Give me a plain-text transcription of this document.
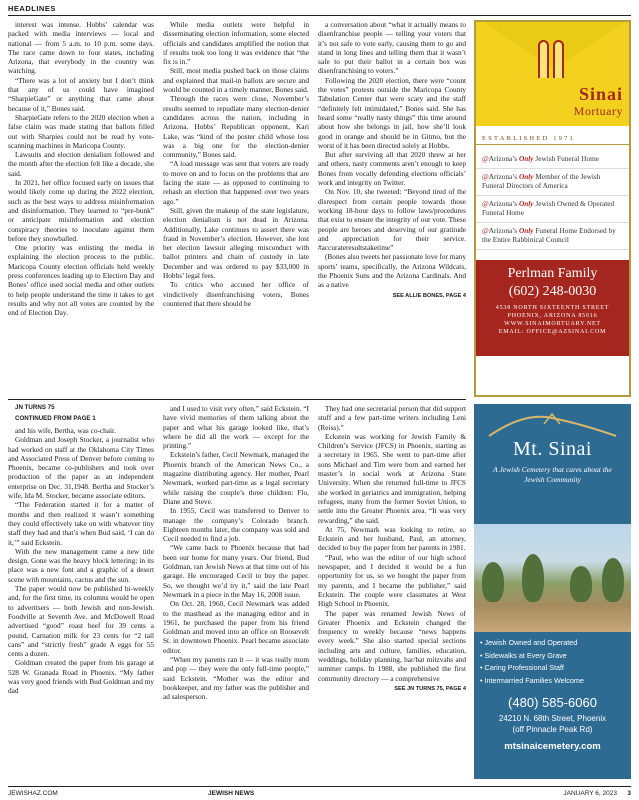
HEADLINES

interest was intense. Hobbs’ calendar was packed with media interviews — local and national — from 5 a.m. to 10 p.m. some days. The race came down to four states, including Arizona, that everybody in the country was watching.

“There was a lot of anxiety but I don’t think that any of us could have imagined “SharpieGate” or anything that came about because of it,” Bones said.

SharpieGate refers to the 2020 election when a false claim was made stating that ballots filled out with Sharpies could not be read by vote-scanning machines in Maricopa County.

Lawsuits and election denialism followed and the month after the election felt like a decade, she said.

In 2021, her office focused early on issues that would likely come up during the 2022 election, such as the best ways to address misinformation and disinformation. They learned to “pre-bunk” or anticipate misinformation and election conspiracy theories to inoculate against them before they snowballed.

One priority was enlisting the media in explaining the election process to the public. Maricopa County election officials held weekly press conferences leading up to Election Day and Bones’ office used social media and other outlets to help people understand the time it takes to get results and why not all votes are counted by the end of Election Day.

While media outlets were helpful in disseminating election information, some elected officials and candidates amplified the notion that if results took too long it was evidence that “the fix is in.”

Still, most media pushed back on those claims and explained that mail-in ballots are secure and would be counted in a timely manner, Bones said.

Through the races were close, November’s results seemed to repudiate many election-denier candidates across the nation, including in Arizona. Hobbs’ Republican opponent, Kari Lake, was “kind of the poster child whose loss was a big one for the election-denier community,” Bones said.

“A load message was sent that voters are ready to move on and to focus on the problems that are facing the state — as opposed to continuing to rehash an election that happened over two years ago.”

Still, given the makeup of the state legislature, election denialism is not dead in Arizona. Additionally, Lake continues to assert there was fraud in November’s election. However, she lost her election lawsuit alleging misconduct with ballot printers and chain of custody in late December and was ordered to pay $33,000 in Hobbs’ legal fees.

To critics who accused her office of vindictively disenfranchising voters, Bones countered that there should be

a conversation about “what it actually means to disenfranchise people — telling your voters that it’s not safe to vote early, causing them to go and stand in long lines and telling them that it wasn’t safe to put their ballot in a certain box was disenfranchising to voters.”

Following the 2020 election, there were “count the votes” protests outside the Maricopa County Tabulation Center that were scary and the staff “definitely felt intimidated,” Bones said. She has heard some “really nasty things” this time around about how she belongs in jail, how she’ll look good in orange and should be in Gitmo, but the worst of it has been directed solely at Hobbs.

But after surviving all that 2020 threw at her and others, nasty comments aren’t enough to keep Bones from vocally defending elections officials’ work and integrity on Twitter.

On Nov. 10, she tweeted: “Beyond tired of the disrespect from certain people towards those working 18-hour days to follow laws/procedures that exist to ensure the integrity of our vote. These people are heroes and deserving of our gratitude and appreciation for their service. #accurateresultstaketime”

(Bones also tweets her passionate love for many sports’ teams, specifically, the Arizona Wildcats, the Phoenix Suns and the Arizona Cardinals. And as a native

SEE ALLIE BONES, PAGE 4

JN TURNS 75

CONTINUED FROM PAGE 1

and his wife, Bertha, was co-chair.

Goldman and Joseph Stocker, a journalist who had worked on staff at the Oklahoma City Times and Associated Press of Denver before coming to Phoenix, became co-publishers and took over production of the paper as an independent enterprise on Dec. 31,1948. Bertha and Stocker’s wife, Ida M. Stocker, became associate editors.

“The Federation started it for a matter of months and then realized it wasn’t something they could effectively take on with whatever tiny staff they had and that’s when Bud said, ‘I can do it,’” said Eckstein.

With the new management came a new title design. Gone was the heavy block lettering; in its place was a new font and a graphic of a desert scene with mountains, cactus and the sun.

The paper would now be published bi-weekly and, for the first time, its columns would be open to advertisers — both Jewish and non-Jewish. Foodville at Seventh Ave. and McDowell Road advertised “good” roast beef for 39 cents a pound, Carnation milk for 23 cents for “2 tall cans” and “strictly fresh” grade A eggs for 55 cents a dozen.

Goldman created the paper from his garage at 528 W. Granada Road in Phoenix. “My father was very good friends with Bud Goldman and my dad

and I used to visit very often,” said Eckstein. “I have vivid memories of them talking about the paper and what his garage looked like, that’s where he did all the work — except for the printing.”

Eckstein’s father, Cecil Newmark, managed the Phoenix branch of the American News Co., a magazine distributing agency. Her mother, Pearl Newmark, worked part-time as a legal secretary while raising the couple’s three children: Flo, Diane and Steve.

In 1955, Cecil was transferred to Denver to manage the company’s Colorado branch. Eighteen months later, the company was sold and Cecil needed to find a job.

“We came back to Phoenix because that had been our home for many years. Our friend, Bud Goldman, ran Jewish News at that time out of his garage. He encouraged Cecil to buy the paper. So, we thought we’d try it,” said the late Pearl Newmark in a piece in the May 16, 2008 issue.

On Oct. 28, 1960, Cecil Newmark was added to the masthead as the managing editor and in 1961, he purchased the paper from his friend Goldman and moved into an office on Roosevelt St. in downtown Phoenix. Pearl became associate editor.

“When my parents ran it — it was really mom and pop — they were the only full-time people,” said Eckstein. “Mother was the editor and bookkeeper, and my father was the publisher and ad salesperson.

They had one secretarial person that did support stuff and a few part-time writers including Leni (Reiss).”

Eckstein was working for Jewish Family & Children’s Service (JFCS) in Phoenix, starting as a secretary in 1965. She went to part-time after sons Michael and Tim were born and earned her master’s in social work at Arizona State University. When she returned full-time to JFCS she worked in geriatrics and immigration, helping refugees, many from the former Soviet Union, to settle into the Greater Phoenix area. “It was very rewarding,” she said.

At 75, Newmark was looking to retire, so Eckstein and her husband, Paul, an attorney, decided to buy the paper from her parents in 1981.

“Paul, who was the editor of our high school newspaper, and I decided it would be a fun opportunity for us, so we bought the paper from my parents, and I became the publisher,” said Eckstein. The couple were classmates at West High School in Phoenix.

The paper was renamed Jewish News of Greater Phoenix and Eckstein changed the frequency to weekly because “news happens every week.” She also started special sections including arts and culture, families, education, weddings, holiday planning, bar/bat mitzvahs and summer camps. In 1988, she published the first community directory — a comprehensive

SEE JN TURNS 75, PAGE 4

Sinai
Mortuary
ESTABLISHED 1971
@Arizona’s Only Jewish Funeral Home
@Arizona’s Only Member of the Jewish Funeral Directors of America
@Arizona’s Only Jewish Owned & Operated Funeral Home
@Arizona’s Only Funeral Home Endorsed by the Entire Rabbinical Council
Perlman Family
(602) 248-0030
4538 NORTH SIXTEENTH STREET
PHOENIX, ARIZONA 85016
WWW.SINAIMORTUARY.NET
EMAIL: OFFICE@AZSINAI.COM
Mt. Sinai
A Jewish Cemetery that cares about the Jewish Community
• Jewish Owned and Operated
• Sidewalks at Every Grave
• Caring Professional Staff
• Intermarried Families Welcome
(480) 585-6060
24210 N. 68th Street, Phoenix
(off Pinnacle Peak Rd)
mtsinaicemetery.com
JEWISHAZ.COM	JEWISH NEWS	JANUARY 6, 2023 3
